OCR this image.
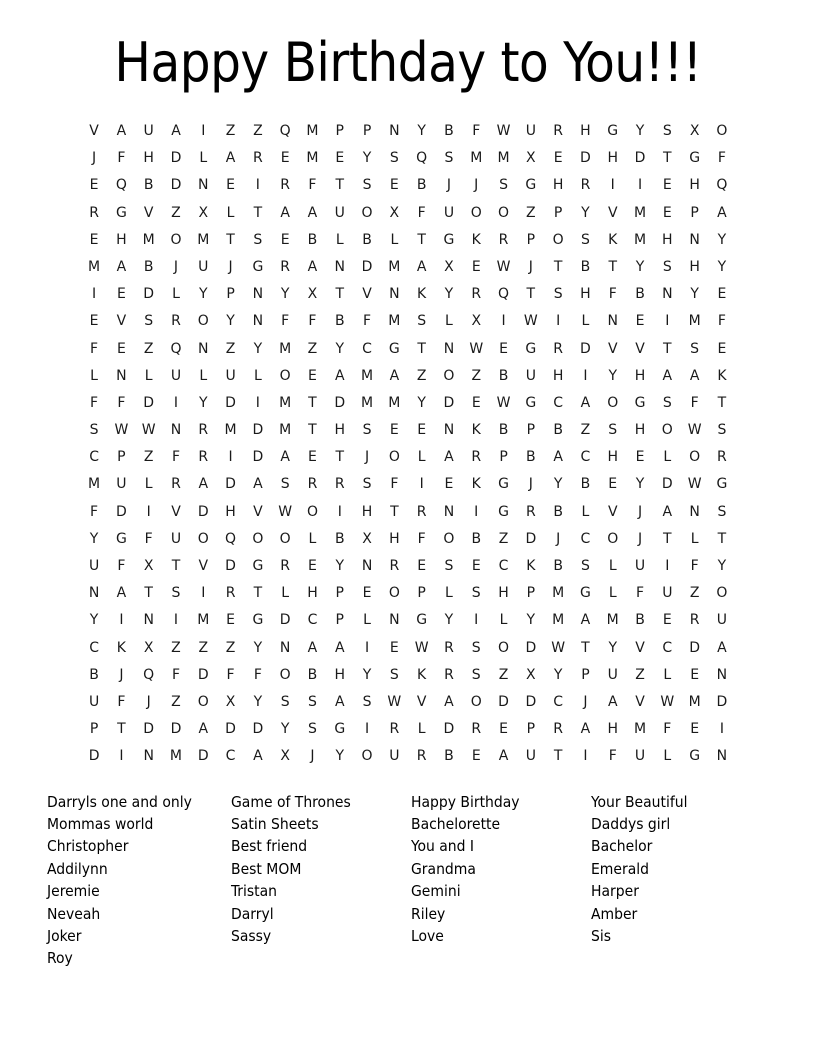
Happy Birthday to You!!!
V	A	U	A	I	Z	Z	Q	M	P	P	N	Y	B	F	W	U	R	H	G	Y	S	X	O
J	F	H	D	L	A	R	E	M	E	Y	S	Q	S	M	M	X	E	D	H	D	T	G	F
E	Q	B	D	N	E	I	R	F	T	S	E	B	J	J	S	G	H	R	I	I	E	H	Q
R	G	V	Z	X	L	T	A	A	U	O	X	F	U	O	O	Z	P	Y	V	M	E	P	A
E	H	M	O	M	T	S	E	B	L	B	L	T	G	K	R	P	O	S	K	M	H	N	Y
M	A	B	J	U	J	G	R	A	N	D	M	A	X	E	W	J	T	B	T	Y	S	H	Y
I	E	D	L	Y	P	N	Y	X	T	V	N	K	Y	R	Q	T	S	H	F	B	N	Y	E
E	V	S	R	O	Y	N	F	F	B	F	M	S	L	X	I	W	I	L	N	E	I	M	F
F	E	Z	Q	N	Z	Y	M	Z	Y	C	G	T	N	W	E	G	R	D	V	V	T	S	E
L	N	L	U	L	U	L	O	E	A	M	A	Z	O	Z	B	U	H	I	Y	H	A	A	K
F	F	D	I	Y	D	I	M	T	D	M	M	Y	D	E	W	G	C	A	O	G	S	F	T
S	W W	N	R	M	D	M	T	H	S	E	E	N	K	B	P	B	Z	S	H	O	W	S
C	P	Z	F	R	I	D	A	E	T	J	O	L	A	R	P	B	A	C	H	E	L	O	R
M	U	L	R	A	D	A	S	R	R	S	F	I	E	K	G	J	Y	B	E	Y	D	W	G
F	D	I	V	D	H	V	W	O	I	H	T	R	N	I	G	R	B	L	V	J	A	N	S
Y	G	F	U	O	Q	O	O	L	B	X	H	F	O	B	Z	D	J	C	O	J	T	L	T
U	F	X	T	V	D	G	R	E	Y	N	R	E	S	E	C	K	B	S	L	U	I	F	Y
N	A	T	S	I	R	T	L	H	P	E	O	P	L	S	H	P	M	G	L	F	U	Z	O
Y	I	N	I	M	E	G	D	C	P	L	N	G	Y	I	L	Y	M	A	M	B	E	R	U
C	K	X	Z	Z	Z	Y	N	A	A	I	E	W	R	S	O	D	W	T	Y	V	C	D	A
B	J	Q	F	D	F	F	O	B	H	Y	S	K	R	S	Z	X	Y	P	U	Z	L	E	N
U	F	J	Z	O	X	Y	S	S	A	S	W	V	A	O	D	D	C	J	A	V	W	M	D
P	T	D	D	A	D	D	Y	S	G	I	R	L	D	R	E	P	R	A	H	M	F	E	I
D	I	N	M	D	C	A	X	J	Y	O	U	R	B	E	A	U	T	I	F	U	L	G	N
Darryls one and only
Mommas world
Christopher
Addilynn
Jeremie
Neveah
Joker
Roy
Game of Thrones
Satin Sheets
Best friend
Best MOM
Tristan
Darryl
Sassy
Happy Birthday
Bachelorette
You and I
Grandma
Gemini
Riley
Love
Your Beautiful
Daddys girl
Bachelor
Emerald
Harper
Amber
Sis
